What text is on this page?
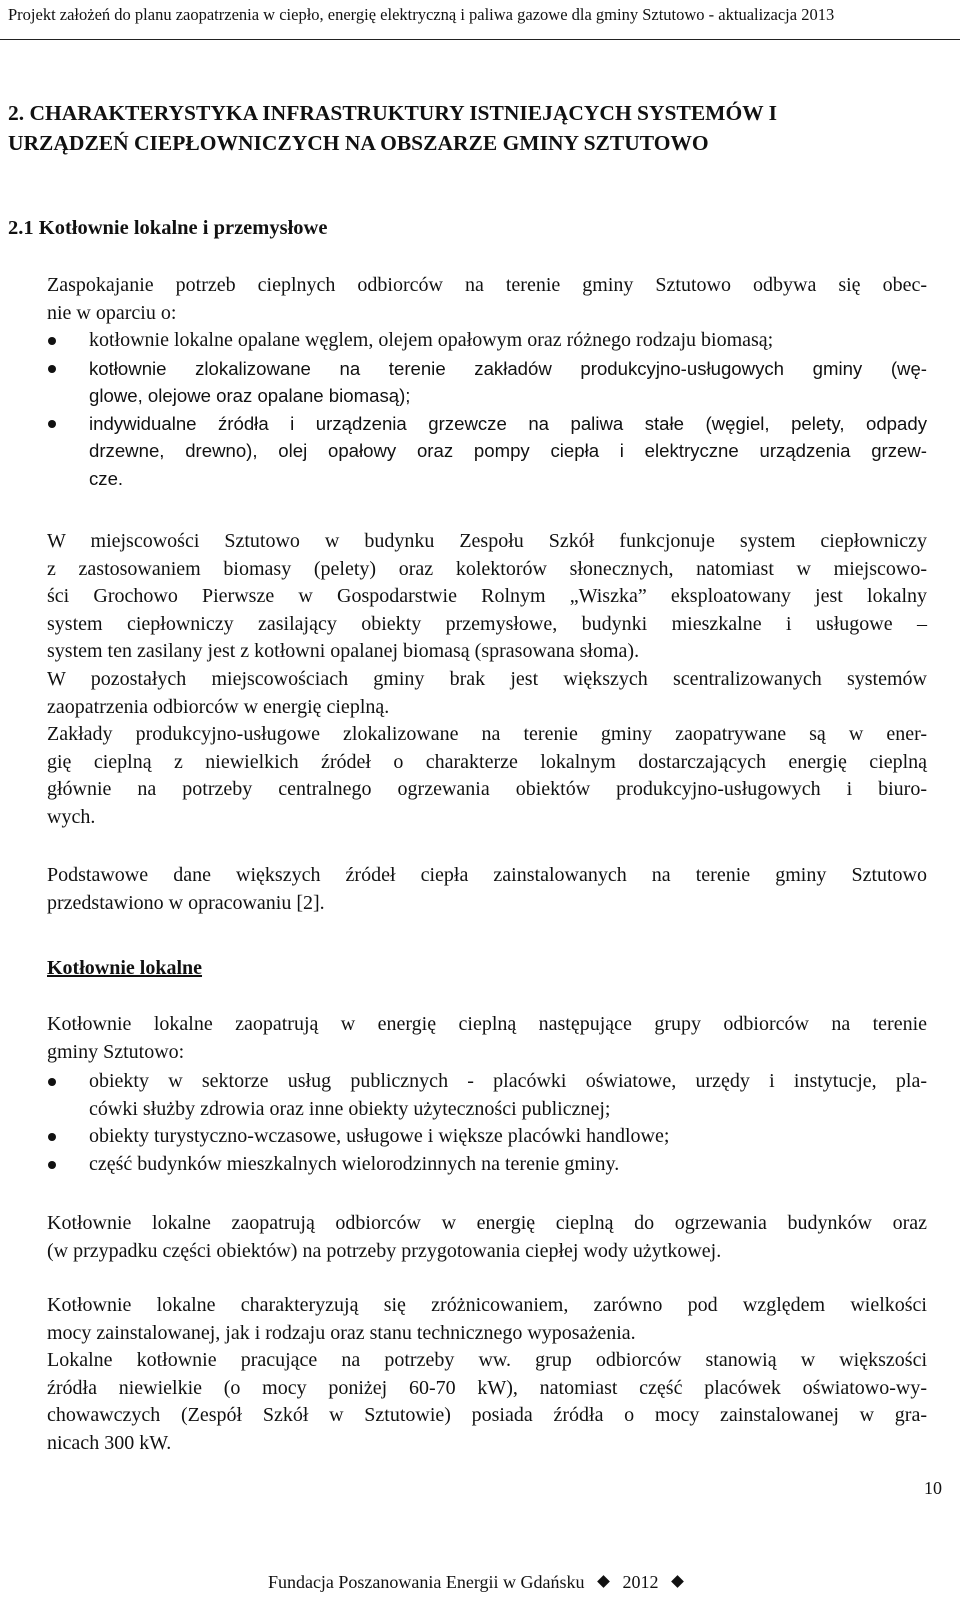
Projekt założeń do planu zaopatrzenia w ciepło, energię elektryczną i paliwa gazowe dla gminy Sztutowo - aktualizacja 2013
2. CHARAKTERYSTYKA INFRASTRUKTURY ISTNIEJĄCYCH SYSTEMÓW I
URZĄDZEŃ CIEPŁOWNICZYCH NA OBSZARZE GMINY SZTUTOWO
2.1 Kotłownie lokalne i przemysłowe

Zaspokajanie potrzeb cieplnych odbiorców na terenie gminy Sztutowo odbywa się obec-
nie w oparciu o:

kotłownie lokalne opalane węglem, olejem opałowym oraz różnego rodzaju biomasą;
kotłownie zlokalizowane na terenie zakładów produkcyjno-usługowych gminy (wę-
glowe, olejowe oraz opalane biomasą);
indywidualne źródła i urządzenia grzewcze na paliwa stałe (węgiel, pelety, odpady
drzewne, drewno), olej opałowy oraz pompy ciepła i elektryczne urządzenia grzew-
cze.

W miejscowości Sztutowo w budynku Zespołu Szkół funkcjonuje system ciepłowniczy
z zastosowaniem biomasy (pelety) oraz kolektorów słonecznych, natomiast w miejscowo-
ści Grochowo Pierwsze w Gospodarstwie Rolnym „Wiszka” eksploatowany jest lokalny
system ciepłowniczy zasilający obiekty przemysłowe, budynki mieszkalne i usługowe –
system ten zasilany jest z kotłowni opalanej biomasą (sprasowana słoma).
W pozostałych miejscowościach gminy brak jest większych scentralizowanych systemów
zaopatrzenia odbiorców w energię cieplną.
Zakłady produkcyjno-usługowe zlokalizowane na terenie gminy zaopatrywane są w ener-
gię cieplną z niewielkich źródeł o charakterze lokalnym dostarczających energię cieplną
głównie na potrzeby centralnego ogrzewania obiektów produkcyjno-usługowych i biuro-
wych.

Podstawowe dane większych źródeł ciepła zainstalowanych na terenie gminy Sztutowo
przedstawiono w opracowaniu [2].

Kotłownie lokalne

Kotłownie lokalne zaopatrują w energię cieplną następujące grupy odbiorców na terenie
gminy Sztutowo:

obiekty w sektorze usług publicznych - placówki oświatowe, urzędy i instytucje, pla-
cówki służby zdrowia oraz inne obiekty użyteczności publicznej;
obiekty turystyczno-wczasowe, usługowe i większe placówki handlowe;
część budynków mieszkalnych wielorodzinnych na terenie gminy.

Kotłownie lokalne zaopatrują odbiorców w energię cieplną do ogrzewania budynków oraz
(w przypadku części obiektów) na potrzeby przygotowania ciepłej wody użytkowej.

Kotłownie lokalne charakteryzują się zróżnicowaniem, zarówno pod względem wielkości
mocy zainstalowanej, jak i rodzaju oraz stanu technicznego wyposażenia.
Lokalne kotłownie pracujące na potrzeby ww. grup odbiorców stanowią w większości
źródła niewielkie (o mocy poniżej 60-70 kW), natomiast część placówek oświatowo-wy-
chowawczych (Zespół Szkół w Sztutowie) posiada źródła o mocy zainstalowanej w gra-
nicach 300 kW.

10
Fundacja Poszanowania Energii w Gdańsku 2012
